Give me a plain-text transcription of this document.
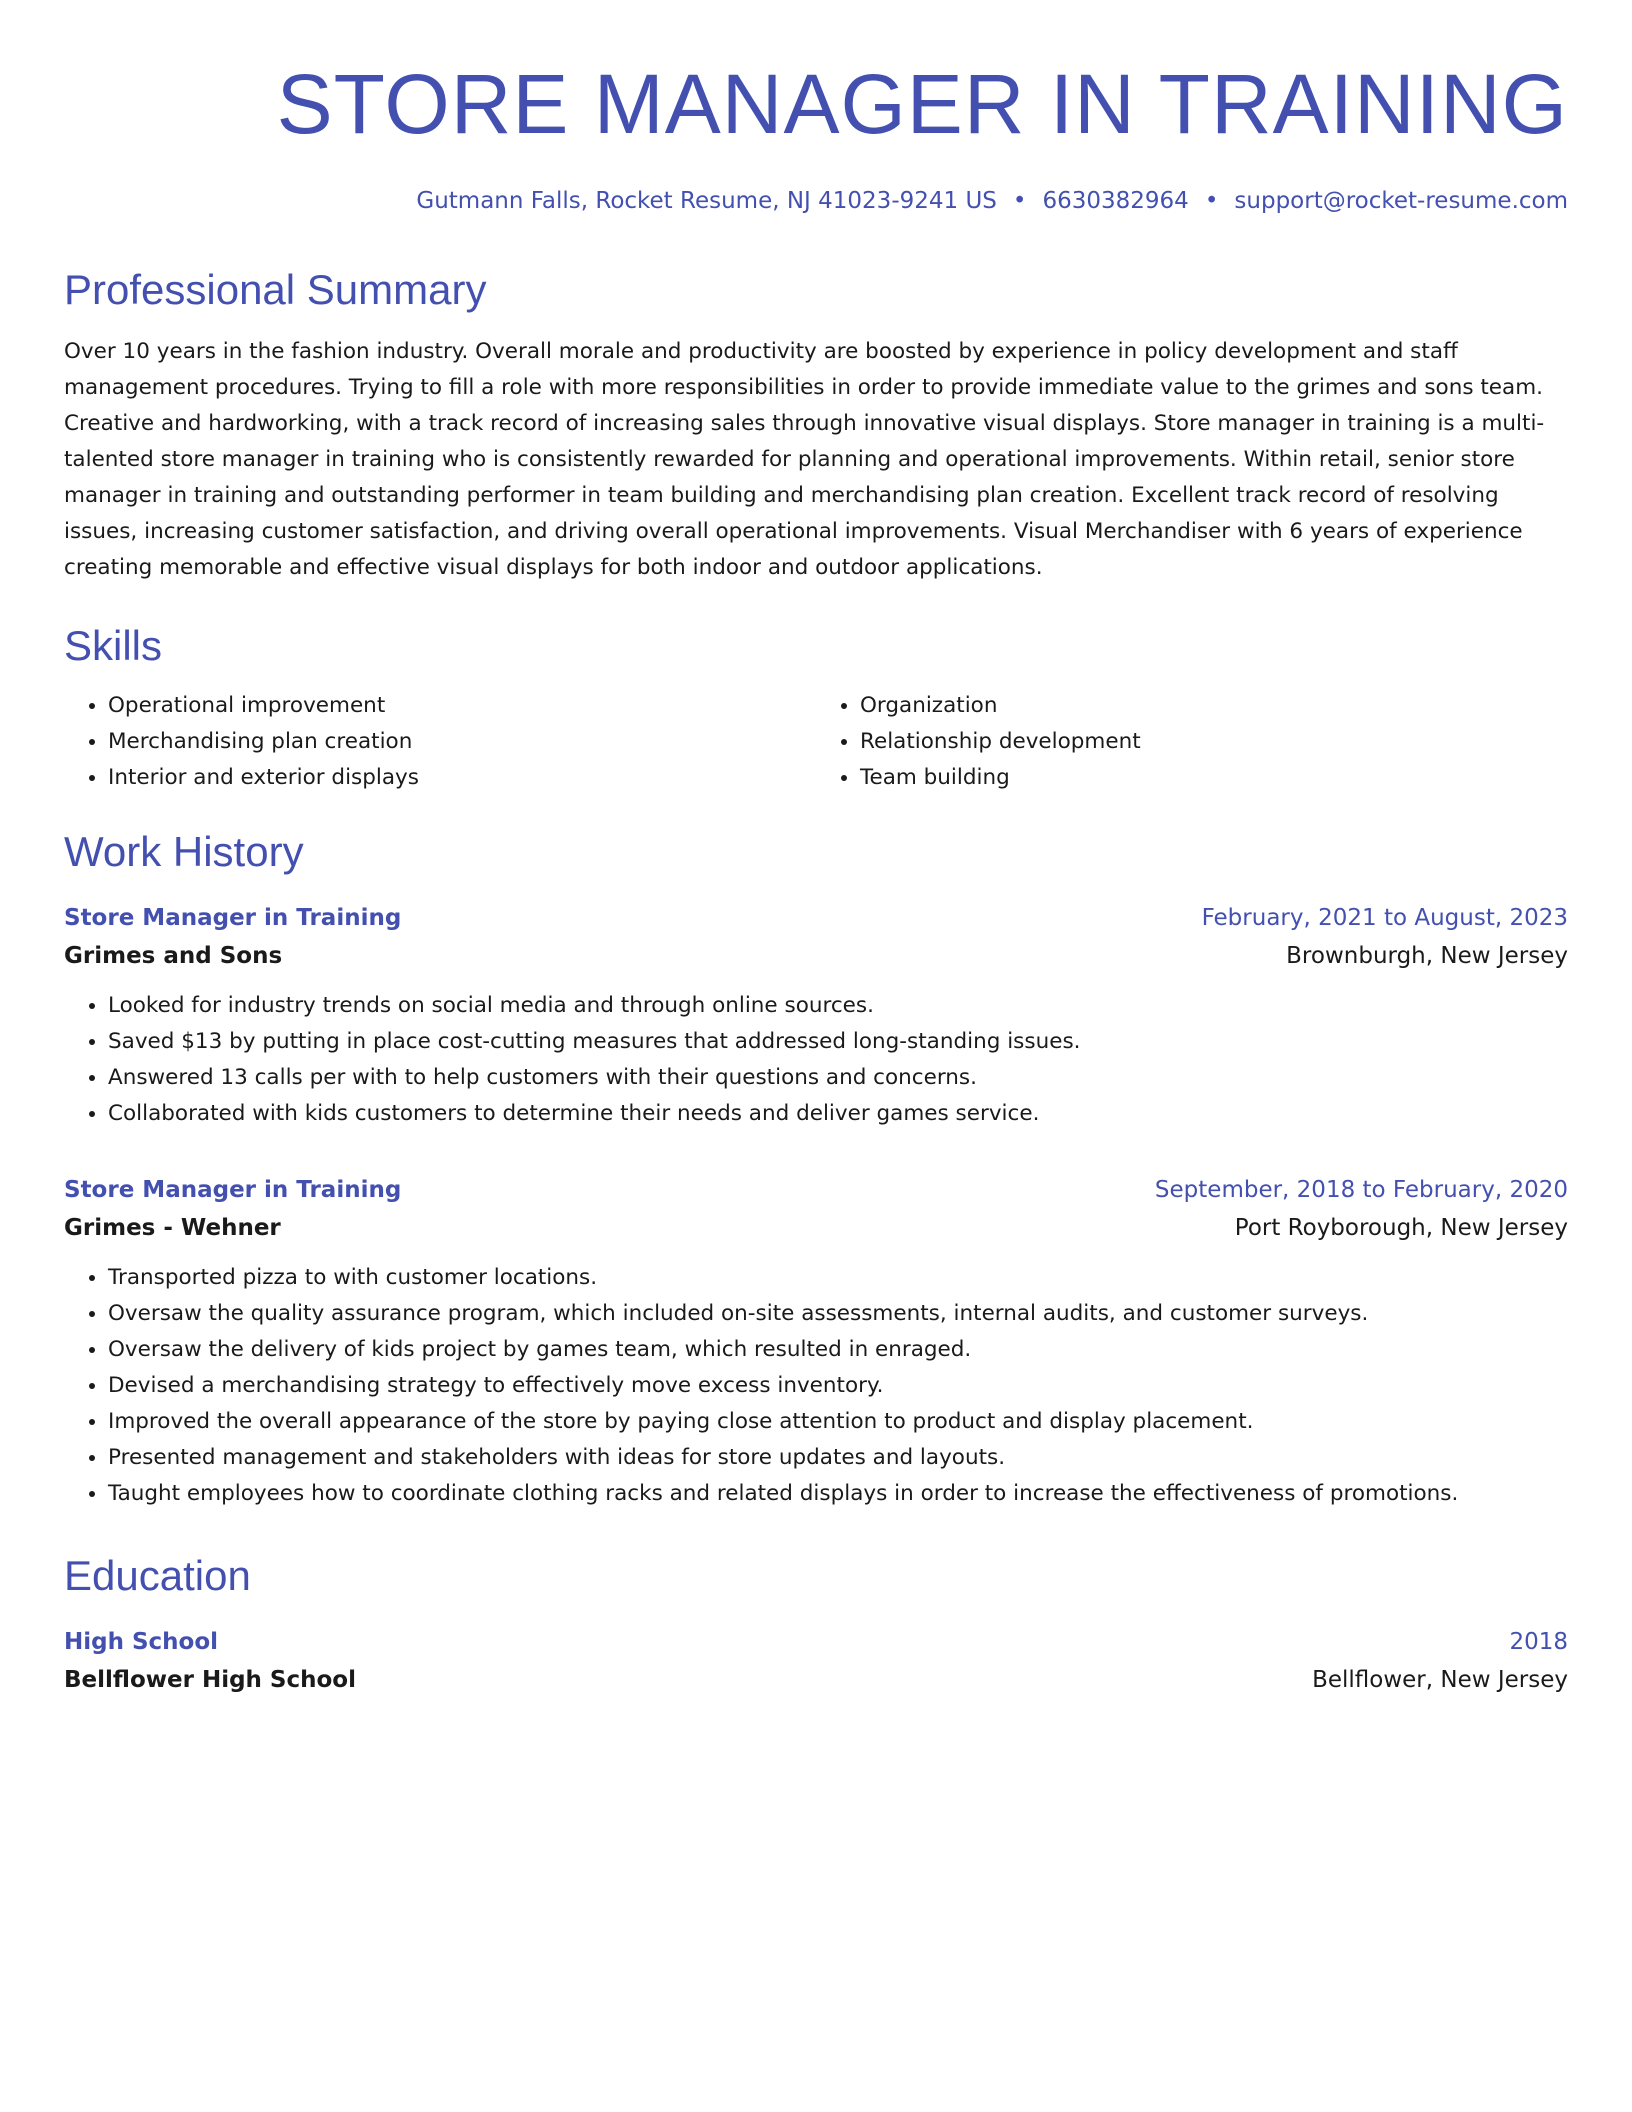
STORE MANAGER IN TRAINING
Gutmann Falls, Rocket Resume, NJ 41023-9241 US • 6630382964 • support@rocket-resume.com
Professional Summary

Over 10 years in the fashion industry. Overall morale and productivity are boosted by experience in policy development and staff management procedures. Trying to fill a role with more responsibilities in order to provide immediate value to the grimes and sons team. Creative and hardworking, with a track record of increasing sales through innovative visual displays. Store manager in training is a multi-talented store manager in training who is consistently rewarded for planning and operational improvements. Within retail, senior store manager in training and outstanding performer in team building and merchandising plan creation. Excellent track record of resolving issues, increasing customer satisfaction, and driving overall operational improvements. Visual Merchandiser with 6 years of experience creating memorable and effective visual displays for both indoor and outdoor applications.

Skills
• Operational improvement
• Merchandising plan creation
• Interior and exterior displays
• Organization
• Relationship development
• Team building
Work History
Store Manager in Training	February, 2021 to August, 2023
Grimes and Sons	Brownburgh, New Jersey
• Looked for industry trends on social media and through online sources.
• Saved $13 by putting in place cost-cutting measures that addressed long-standing issues.
• Answered 13 calls per with to help customers with their questions and concerns.
• Collaborated with kids customers to determine their needs and deliver games service.
Store Manager in Training	September, 2018 to February, 2020
Grimes - Wehner	Port Royborough, New Jersey
• Transported pizza to with customer locations.
• Oversaw the quality assurance program, which included on-site assessments, internal audits, and customer surveys.
• Oversaw the delivery of kids project by games team, which resulted in enraged.
• Devised a merchandising strategy to effectively move excess inventory.
• Improved the overall appearance of the store by paying close attention to product and display placement.
• Presented management and stakeholders with ideas for store updates and layouts.
• Taught employees how to coordinate clothing racks and related displays in order to increase the effectiveness of promotions.
Education
High School	2018
Bellflower High School	Bellflower, New Jersey
